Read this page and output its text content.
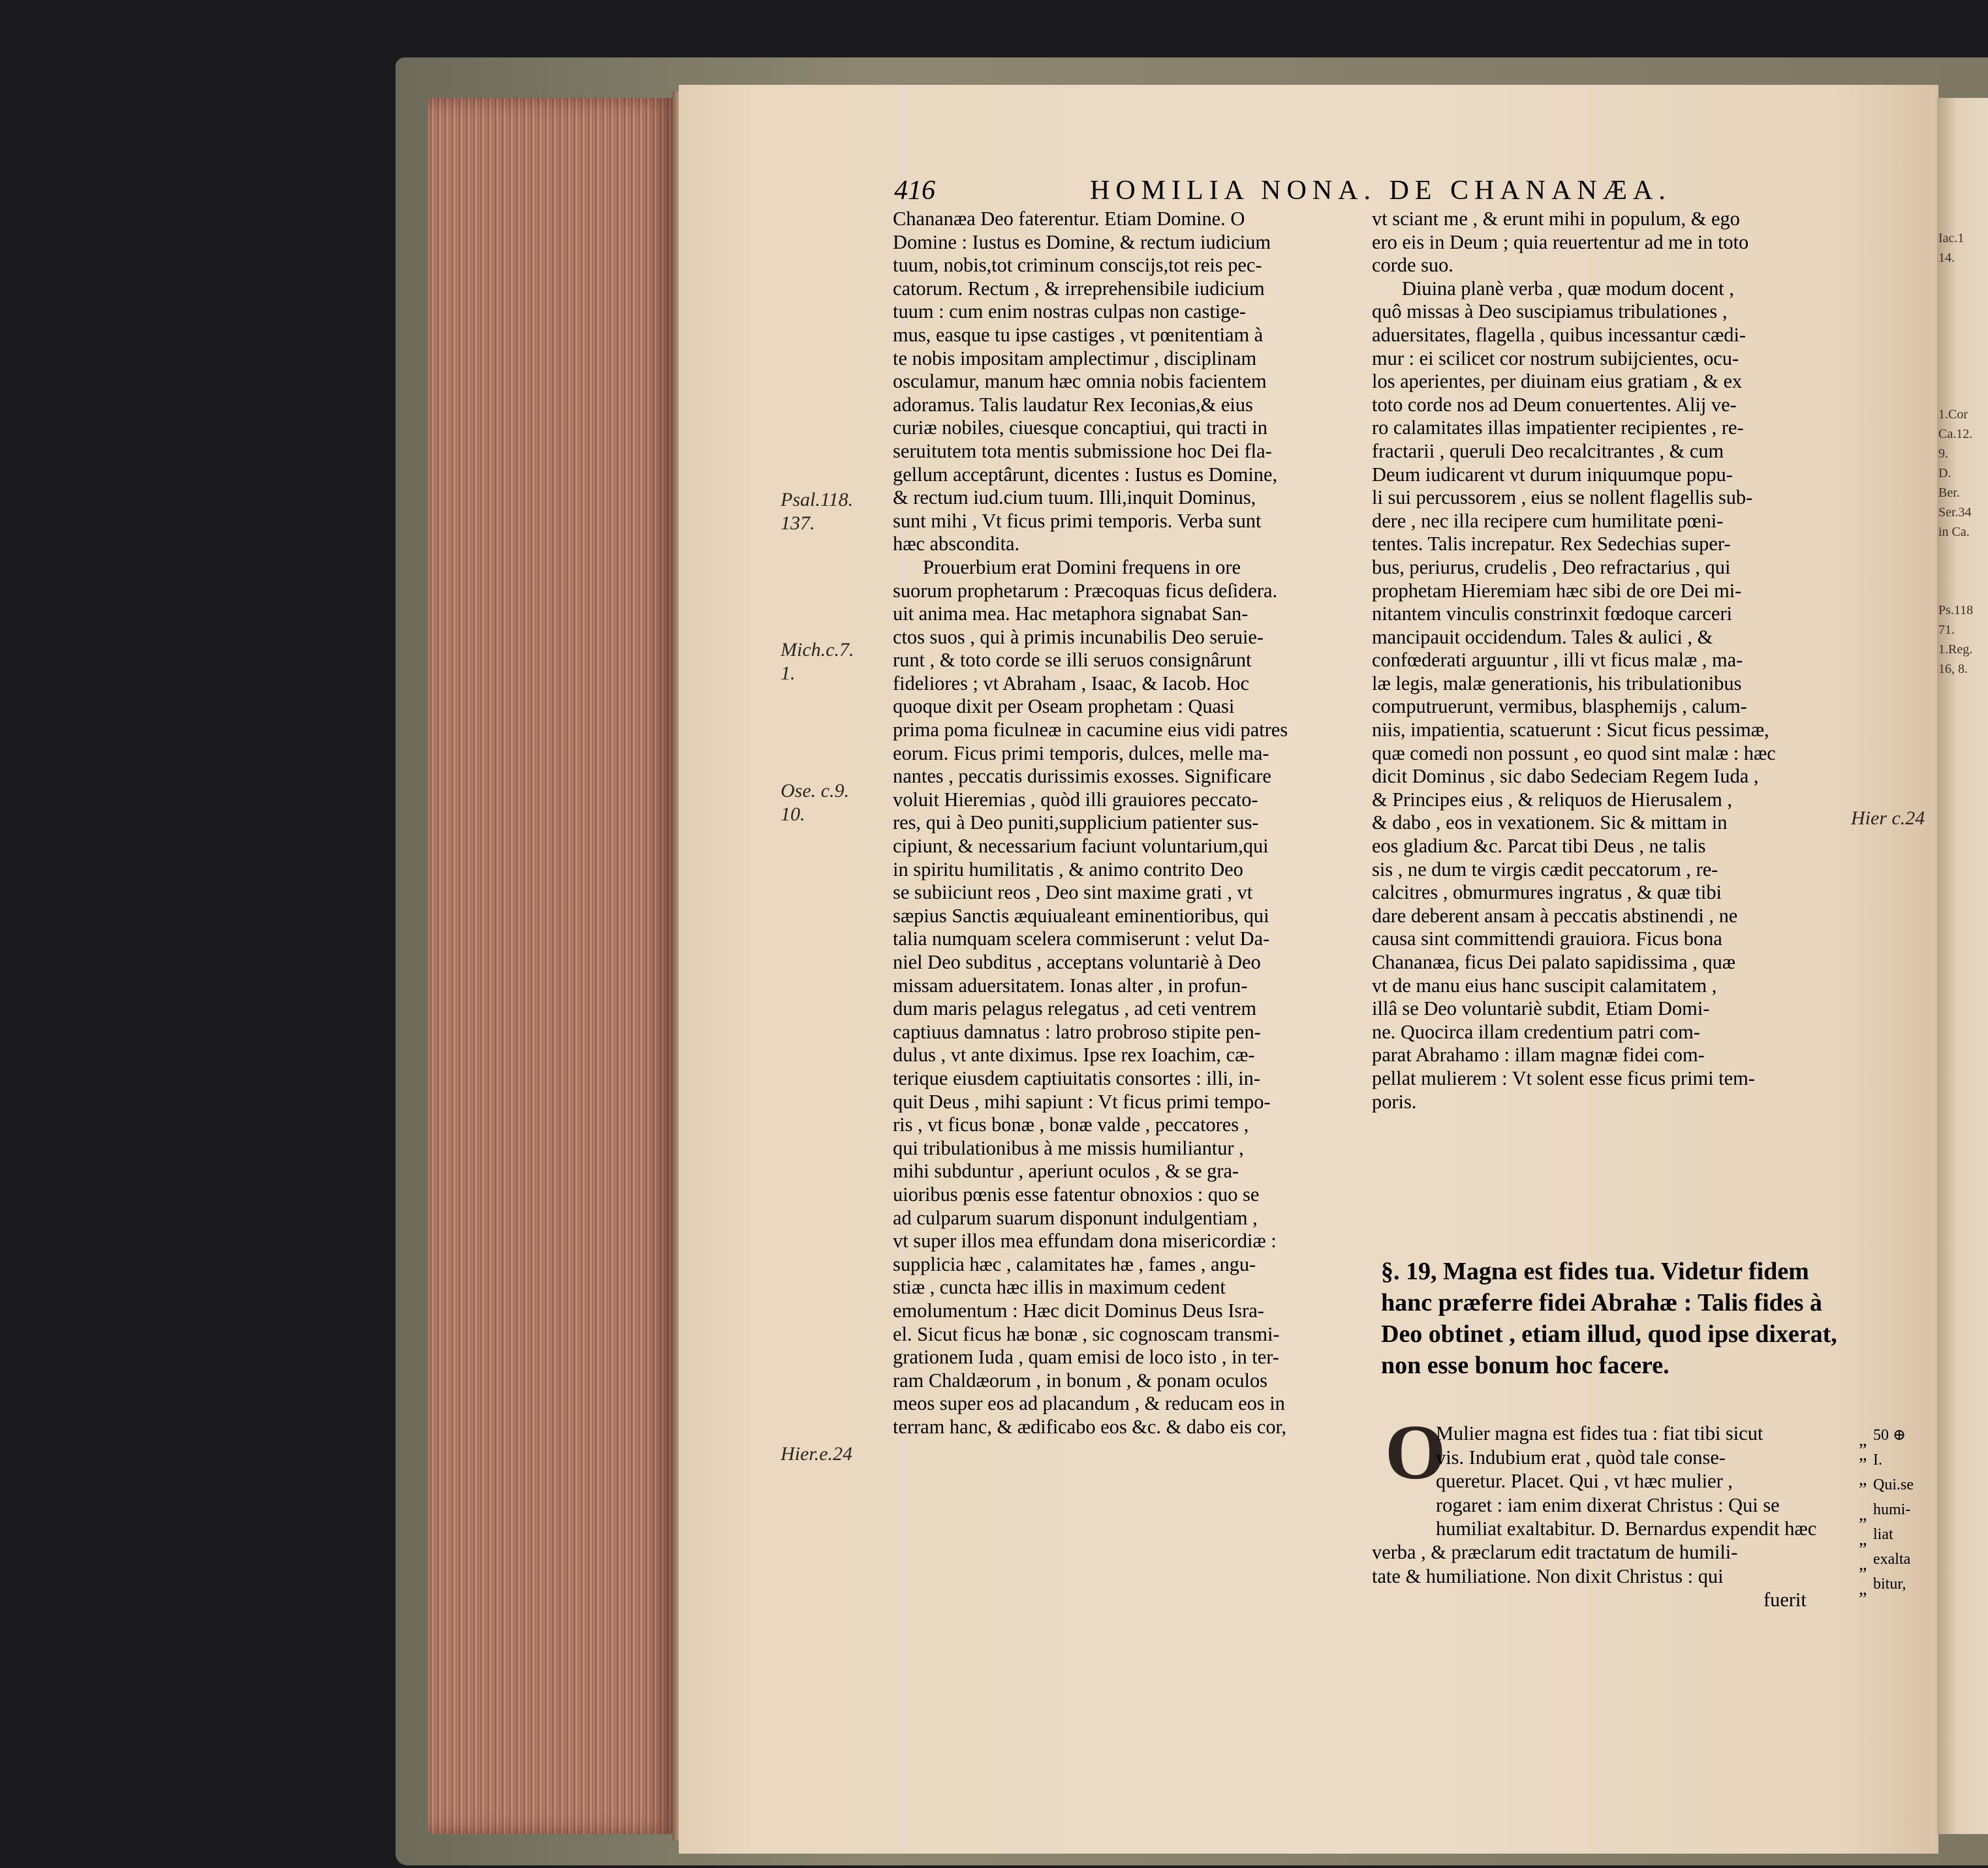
416	HOMILIA NONA. DE CHANANÆA.
Chananæa Deo faterentur. Etiam Domine. O
Domine : Iustus es Domine, & rectum iudicium
tuum, nobis,tot criminum conscijs,tot reis pec-
catorum. Rectum , & irreprehensibile iudicium
tuum : cum enim nostras culpas non castige-
mus, easque tu ipse castiges , vt pœnitentiam à
te nobis impositam amplectimur , disciplinam
osculamur, manum hæc omnia nobis facientem
adoramus. Talis laudatur Rex Ieconias,& eius
curiæ nobiles, ciuesque concaptiui, qui tracti in
seruitutem tota mentis submissione hoc Dei fla-
gellum acceptârunt, dicentes : Iustus es Domine,
& rectum iud.cium tuum. Illi,inquit Dominus,
sunt mihi , Vt ficus primi temporis. Verba sunt
hæc abscondita.
Prouerbium erat Domini frequens in ore
suorum prophetarum : Præcoquas ficus deſidera.
uit anima mea. Hac metaphora signabat San-
ctos suos , qui à primis incunabilis Deo seruie-
runt , & toto corde se illi seruos consignârunt
fideliores ; vt Abraham , Isaac, & Iacob. Hoc
quoque dixit per Oseam prophetam : Quasi
prima poma ficulneæ in cacumine eius vidi patres
eorum. Ficus primi temporis, dulces, melle ma-
nantes , peccatis durissimis exosses. Significare
voluit Hieremias , quòd illi grauiores peccato-
res, qui à Deo puniti,supplicium patienter sus-
cipiunt, & necessarium faciunt voluntarium,qui
in spiritu humilitatis , & animo contrito Deo
se subiiciunt reos , Deo sint maxime grati , vt
sæpius Sanctis æquiualeant eminentioribus, qui
talia numquam scelera commiserunt : velut Da-
niel Deo subditus , acceptans voluntariè à Deo
missam aduersitatem. Ionas alter , in profun-
dum maris pelagus relegatus , ad ceti ventrem
captiuus damnatus : latro probroso stipite pen-
dulus , vt ante diximus. Ipse rex Ioachim, cæ-
terique eiusdem captiuitatis consortes : illi, in-
quit Deus , mihi sapiunt : Vt ficus primi tempo-
ris , vt ficus bonæ , bonæ valde , peccatores ,
qui tribulationibus à me missis humiliantur ,
mihi subduntur , aperiunt oculos , & se gra-
uioribus pœnis esse fatentur obnoxios : quo se
ad culparum suarum disponunt indulgentiam ,
vt super illos mea effundam dona misericordiæ :
supplicia hæc , calamitates hæ , fames , angu-
stiæ , cuncta hæc illis in maximum cedent
emolumentum : Hæc dicit Dominus Deus Isra-
el. Sicut ficus hæ bonæ , sic cognoscam transmi-
grationem Iuda , quam emisi de loco isto , in ter-
ram Chaldæorum , in bonum , & ponam oculos
meos super eos ad placandum , & reducam eos in
terram hanc, & ædificabo eos &c. & dabo eis cor,
vt sciant me , & erunt mihi in populum, & ego
ero eis in Deum ; quia reuertentur ad me in toto
corde suo.
Diuina planè verba , quæ modum docent ,
quô missas à Deo suscipiamus tribulationes ,
aduersitates, flagella , quibus incessantur cædi-
mur : ei scilicet cor nostrum subijcientes, ocu-
los aperientes, per diuinam eius gratiam , & ex
toto corde nos ad Deum conuertentes. Alij ve-
ro calamitates illas impatienter recipientes , re-
fractarii , queruli Deo recalcitrantes , & cum
Deum iudicarent vt durum iniquumque popu-
li sui percussorem , eius se nollent flagellis sub-
dere , nec illa recipere cum humilitate pœni-
tentes. Talis increpatur. Rex Sedechias super-
bus, periurus, crudelis , Deo refractarius , qui
prophetam Hieremiam hæc sibi de ore Dei mi-
nitantem vinculis constrinxit fœdoque carceri
mancipauit occidendum. Tales & aulici , &
confœderati arguuntur , illi vt ficus malæ , ma-
læ legis, malæ generationis, his tribulationibus
computruerunt, vermibus, blasphemijs , calum-
niis, impatientia, scatuerunt : Sicut ficus pessimæ,
quæ comedi non possunt , eo quod sint malæ : hæc
dicit Dominus , sic dabo Sedeciam Regem Iuda ,
& Principes eius , & reliquos de Hierusalem ,
& dabo , eos in vexationem. Sic & mittam in
eos gladium &c. Parcat tibi Deus , ne talis
sis , ne dum te virgis cædit peccatorum , re-
calcitres , obmurmures ingratus , & quæ tibi
dare deberent ansam à peccatis abstinendi , ne
causa sint committendi grauiora. Ficus bona
Chananæa, ficus Dei palato sapidissima , quæ
vt de manu eius hanc suscipit calamitatem ,
illâ se Deo voluntariè subdit, Etiam Domi-
ne. Quocirca illam credentium patri com-
parat Abrahamo : illam magnæ fidei com-
pellat mulierem : Vt solent esse ficus primi tem-
poris.
Psal.118.
137.
Mich.c.7.
1.
Ose. c.9.
10.
Hier.e.24
§. 19, Magna est fides tua. Videtur fidem
hanc præferre fidei Abrahæ : Talis fides à
Deo obtinet , etiam illud, quod ipse dixerat,
non esse bonum hoc facere.
O
Mulier magna est fides tua : fiat tibi sicut
vis. Indubium erat , quòd tale conse-
queretur. Placet. Qui , vt hæc mulier ,
rogaret : iam enim dixerat Christus : Qui se
humiliat exaltabitur. D. Bernardus expendit hæc
verba , & præclarum edit tractatum de humili-
tate & humiliatione. Non dixit Christus : qui
fuerit
Hier c.24
„
”
”
„
„
„
„
50 ⊕
I.
Qui.se
humi-
liat
exalta
bitur,
Iac.1
14.

1.Cor
Ca.12.
9.
D.
Ber.
Ser.34
in Ca.

Ps.118
71.
1.Reg.
16, 8.
